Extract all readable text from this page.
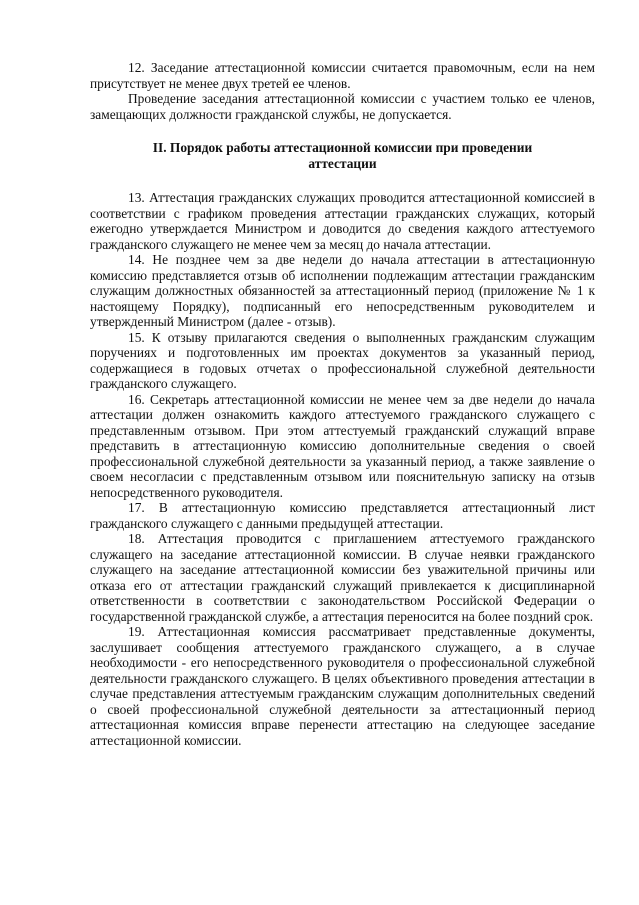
12. Заседание аттестационной комиссии считается правомочным, если на нем присутствует не менее двух третей ее членов.

Проведение заседания аттестационной комиссии с участием только ее членов, замещающих должности гражданской службы, не допускается.

II. Порядок работы аттестационной комиссии при проведении аттестации

13. Аттестация гражданских служащих проводится аттестационной комиссией в соответствии с графиком проведения аттестации гражданских служащих, который ежегодно утверждается Министром и доводится до сведения каждого аттестуемого гражданского служащего не менее чем за месяц до начала аттестации.

14. Не позднее чем за две недели до начала аттестации в аттестационную комиссию представляется отзыв об исполнении подлежащим аттестации гражданским служащим должностных обязанностей за аттестационный период (приложение № 1 к настоящему Порядку), подписанный его непосредственным руководителем и утвержденный Министром (далее - отзыв).

15. К отзыву прилагаются сведения о выполненных гражданским служащим поручениях и подготовленных им проектах документов за указанный период, содержащиеся в годовых отчетах о профессиональной служебной деятельности гражданского служащего.

16. Секретарь аттестационной комиссии не менее чем за две недели до начала аттестации должен ознакомить каждого аттестуемого гражданского служащего с представленным отзывом. При этом аттестуемый гражданский служащий вправе представить в аттестационную комиссию дополнительные сведения о своей профессиональной служебной деятельности за указанный период, а также заявление о своем несогласии с представленным отзывом или пояснительную записку на отзыв непосредственного руководителя.

17. В аттестационную комиссию представляется аттестационный лист гражданского служащего с данными предыдущей аттестации.

18. Аттестация проводится с приглашением аттестуемого гражданского служащего на заседание аттестационной комиссии. В случае неявки гражданского служащего на заседание аттестационной комиссии без уважительной причины или отказа его от аттестации гражданский служащий привлекается к дисциплинарной ответственности в соответствии с законодательством Российской Федерации о государственной гражданской службе, а аттестация переносится на более поздний срок.

19. Аттестационная комиссия рассматривает представленные документы, заслушивает сообщения аттестуемого гражданского служащего, а в случае необходимости - его непосредственного руководителя о профессиональной служебной деятельности гражданского служащего. В целях объективного проведения аттестации в случае представления аттестуемым гражданским служащим дополнительных сведений о своей профессиональной служебной деятельности за аттестационный период аттестационная комиссия вправе перенести аттестацию на следующее заседание аттестационной комиссии.
